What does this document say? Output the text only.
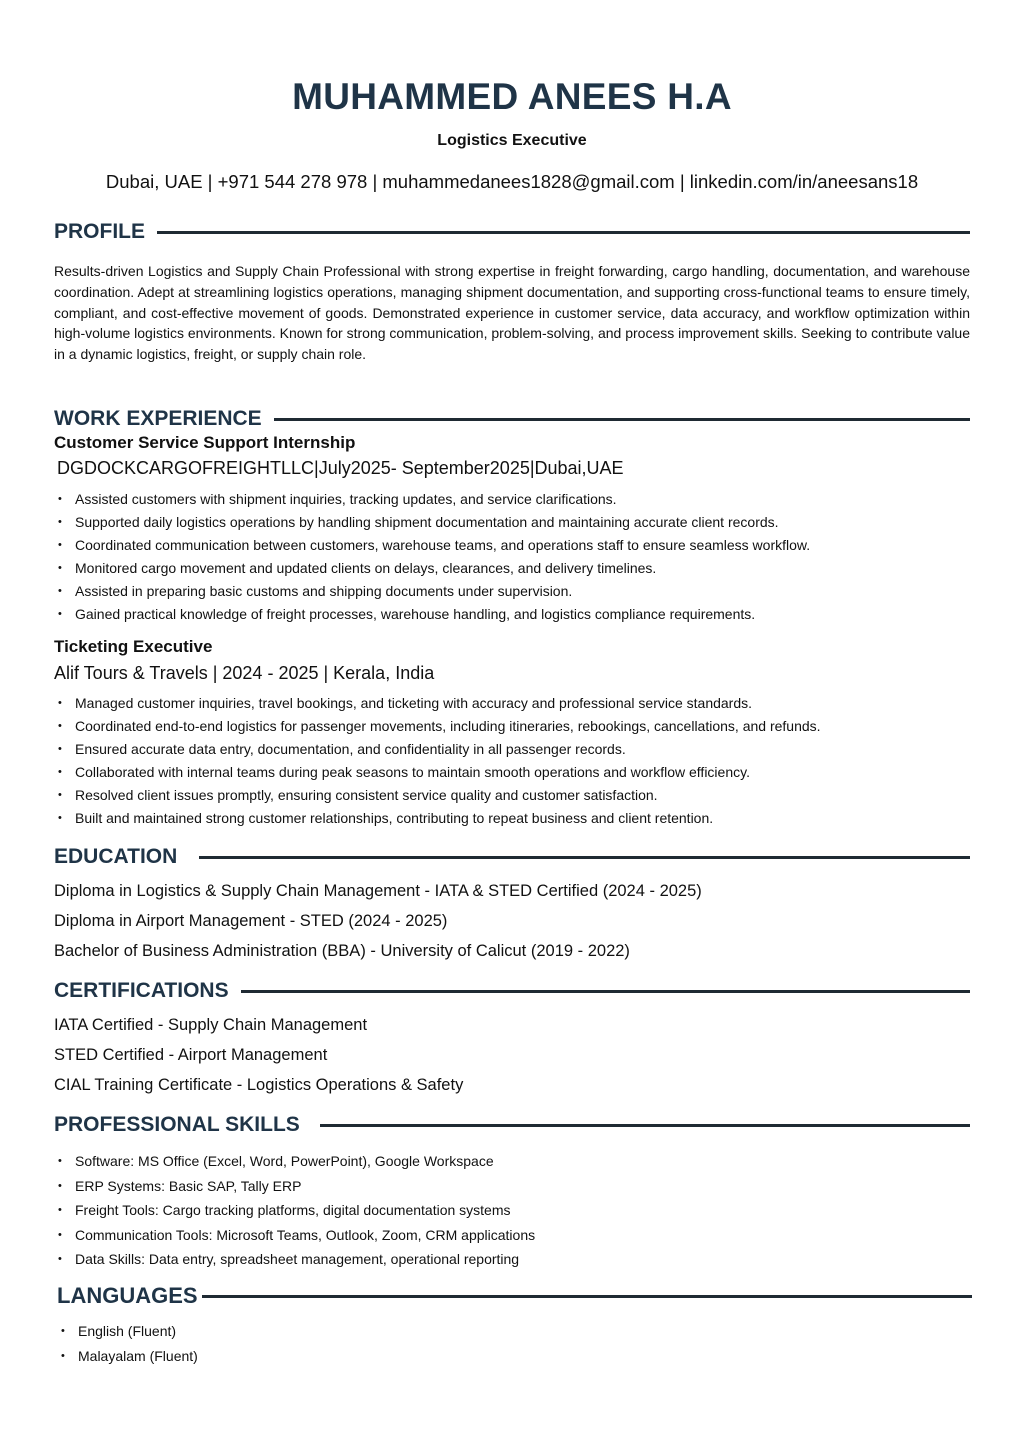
MUHAMMED ANEES H.A
Logistics Executive
Dubai, UAE | +971 544 278 978 | muhammedanees1828@gmail.com | linkedin.com/in/aneesans18
PROFILE
Results-driven Logistics and Supply Chain Professional with strong expertise in freight forwarding, cargo handling, documentation, and warehouse coordination. Adept at streamlining logistics operations, managing shipment documentation, and supporting cross-functional teams to ensure timely, compliant, and cost-effective movement of goods. Demonstrated experience in customer service, data accuracy, and workflow optimization within high-volume logistics environments. Known for strong communication, problem-solving, and process improvement skills. Seeking to contribute value in a dynamic logistics, freight, or supply chain role.
WORK EXPERIENCE
Customer Service Support Internship
DGDOCKCARGOFREIGHTLLC|July2025- September2025|Dubai,UAE
• Assisted customers with shipment inquiries, tracking updates, and service clarifications.
• Supported daily logistics operations by handling shipment documentation and maintaining accurate client records.
• Coordinated communication between customers, warehouse teams, and operations staff to ensure seamless workflow.
• Monitored cargo movement and updated clients on delays, clearances, and delivery timelines.
• Assisted in preparing basic customs and shipping documents under supervision.
• Gained practical knowledge of freight processes, warehouse handling, and logistics compliance requirements.
Ticketing Executive
Alif Tours & Travels | 2024 - 2025 | Kerala, India
• Managed customer inquiries, travel bookings, and ticketing with accuracy and professional service standards.
• Coordinated end-to-end logistics for passenger movements, including itineraries, rebookings, cancellations, and refunds.
• Ensured accurate data entry, documentation, and confidentiality in all passenger records.
• Collaborated with internal teams during peak seasons to maintain smooth operations and workflow efficiency.
• Resolved client issues promptly, ensuring consistent service quality and customer satisfaction.
• Built and maintained strong customer relationships, contributing to repeat business and client retention.
EDUCATION
Diploma in Logistics & Supply Chain Management - IATA & STED Certified (2024 - 2025)
Diploma in Airport Management - STED (2024 - 2025)
Bachelor of Business Administration (BBA) - University of Calicut (2019 - 2022)
CERTIFICATIONS
IATA Certified - Supply Chain Management
STED Certified - Airport Management
CIAL Training Certificate - Logistics Operations & Safety
PROFESSIONAL SKILLS
• Software: MS Office (Excel, Word, PowerPoint), Google Workspace
• ERP Systems: Basic SAP, Tally ERP
• Freight Tools: Cargo tracking platforms, digital documentation systems
• Communication Tools: Microsoft Teams, Outlook, Zoom, CRM applications
• Data Skills: Data entry, spreadsheet management, operational reporting
LANGUAGES
• English (Fluent)
• Malayalam (Fluent)
